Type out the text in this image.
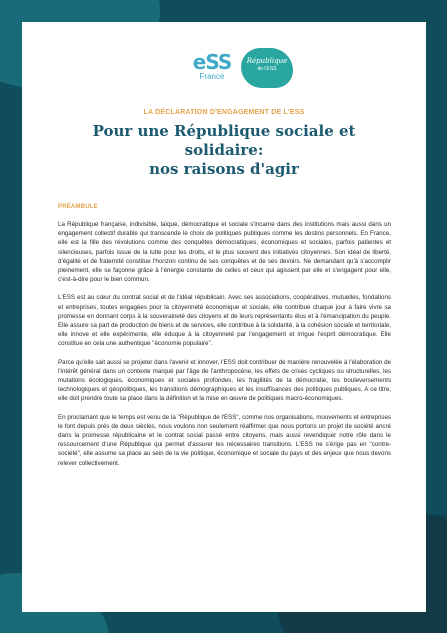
eSS
France
République
de l'ESS
LA DÉCLARATION D'ENGAGEMENT DE L'ESS
Pour une République sociale et solidaire:
nos raisons d'agir
PRÉAMBULE

La République française, indivisible, laïque, démocratique et sociale s'incarne dans des institutions mais aussi dans un engagement collectif durable qui transcende le choix de politiques publiques comme les destins personnels. En France, elle est la fille des révolutions comme des conquêtes démocratiques, économiques et sociales, parfois patientes et silencieuses, parfois issue de la lutte pour les droits, et le plus souvent des initiatives citoyennes. Son idéal de liberté, d'égalité et de fraternité constitue l'horizon continu de ses conquêtes et de ses devoirs. Ne demandant qu'à s'accomplir pleinement, elle se façonne grâce à l'énergie constante de celles et ceux qui agissent par elle et s'engagent pour elle, c'est-à-dire pour le bien commun.

L'ESS est au cœur du contrat social et de l'idéal républicain. Avec ses associations, coopératives, mutuelles, fondations et entreprises, toutes engagées pour la citoyenneté économique et sociale, elle contribue chaque jour à faire vivre sa promesse en donnant corps à la souveraineté des citoyens et de leurs représentants élus et à l'émancipation du peuple. Elle assure sa part de production de biens et de services, elle contribue à la solidarité, à la cohésion sociale et territoriale, elle innove et elle expérimente, elle éduque à la citoyenneté par l'engagement et irrigue l'esprit démocratique. Elle constitue en cela une authentique "économie populaire".

Parce qu'elle sait aussi se projeter dans l'avenir et innover, l'ESS doit contribuer de manière renouvelée à l'élaboration de l'intérêt général dans un contexte marqué par l'âge de l'anthropocène, les effets de crises cycliques ou structurelles, les mutations écologiques, économiques et sociales profondes, les fragilités de la démocratie, les bouleversements technologiques et géopolitiques, les transitions démographiques et les insuffisances des politiques publiques. A ce titre, elle doit prendre toute sa place dans la définition et la mise en œuvre de politiques macro-économiques.

En proclamant que le temps est venu de la "République de l'ESS", comme nos organisations, mouvements et entreprises le font depuis près de deux siècles, nous voulons non seulement réaffirmer que nous portons un projet de société ancré dans la promesse républicaine et le contrat social passé entre citoyens, mais aussi revendiquer notre rôle dans le ressourcement d'une République qui permet d'assurer les nécessaires transitions. L'ESS ne s'érige pas en "contre-société", elle assume sa place au sein de la vie politique, économique et sociale du pays et des enjeux que nous devons relever collectivement.
